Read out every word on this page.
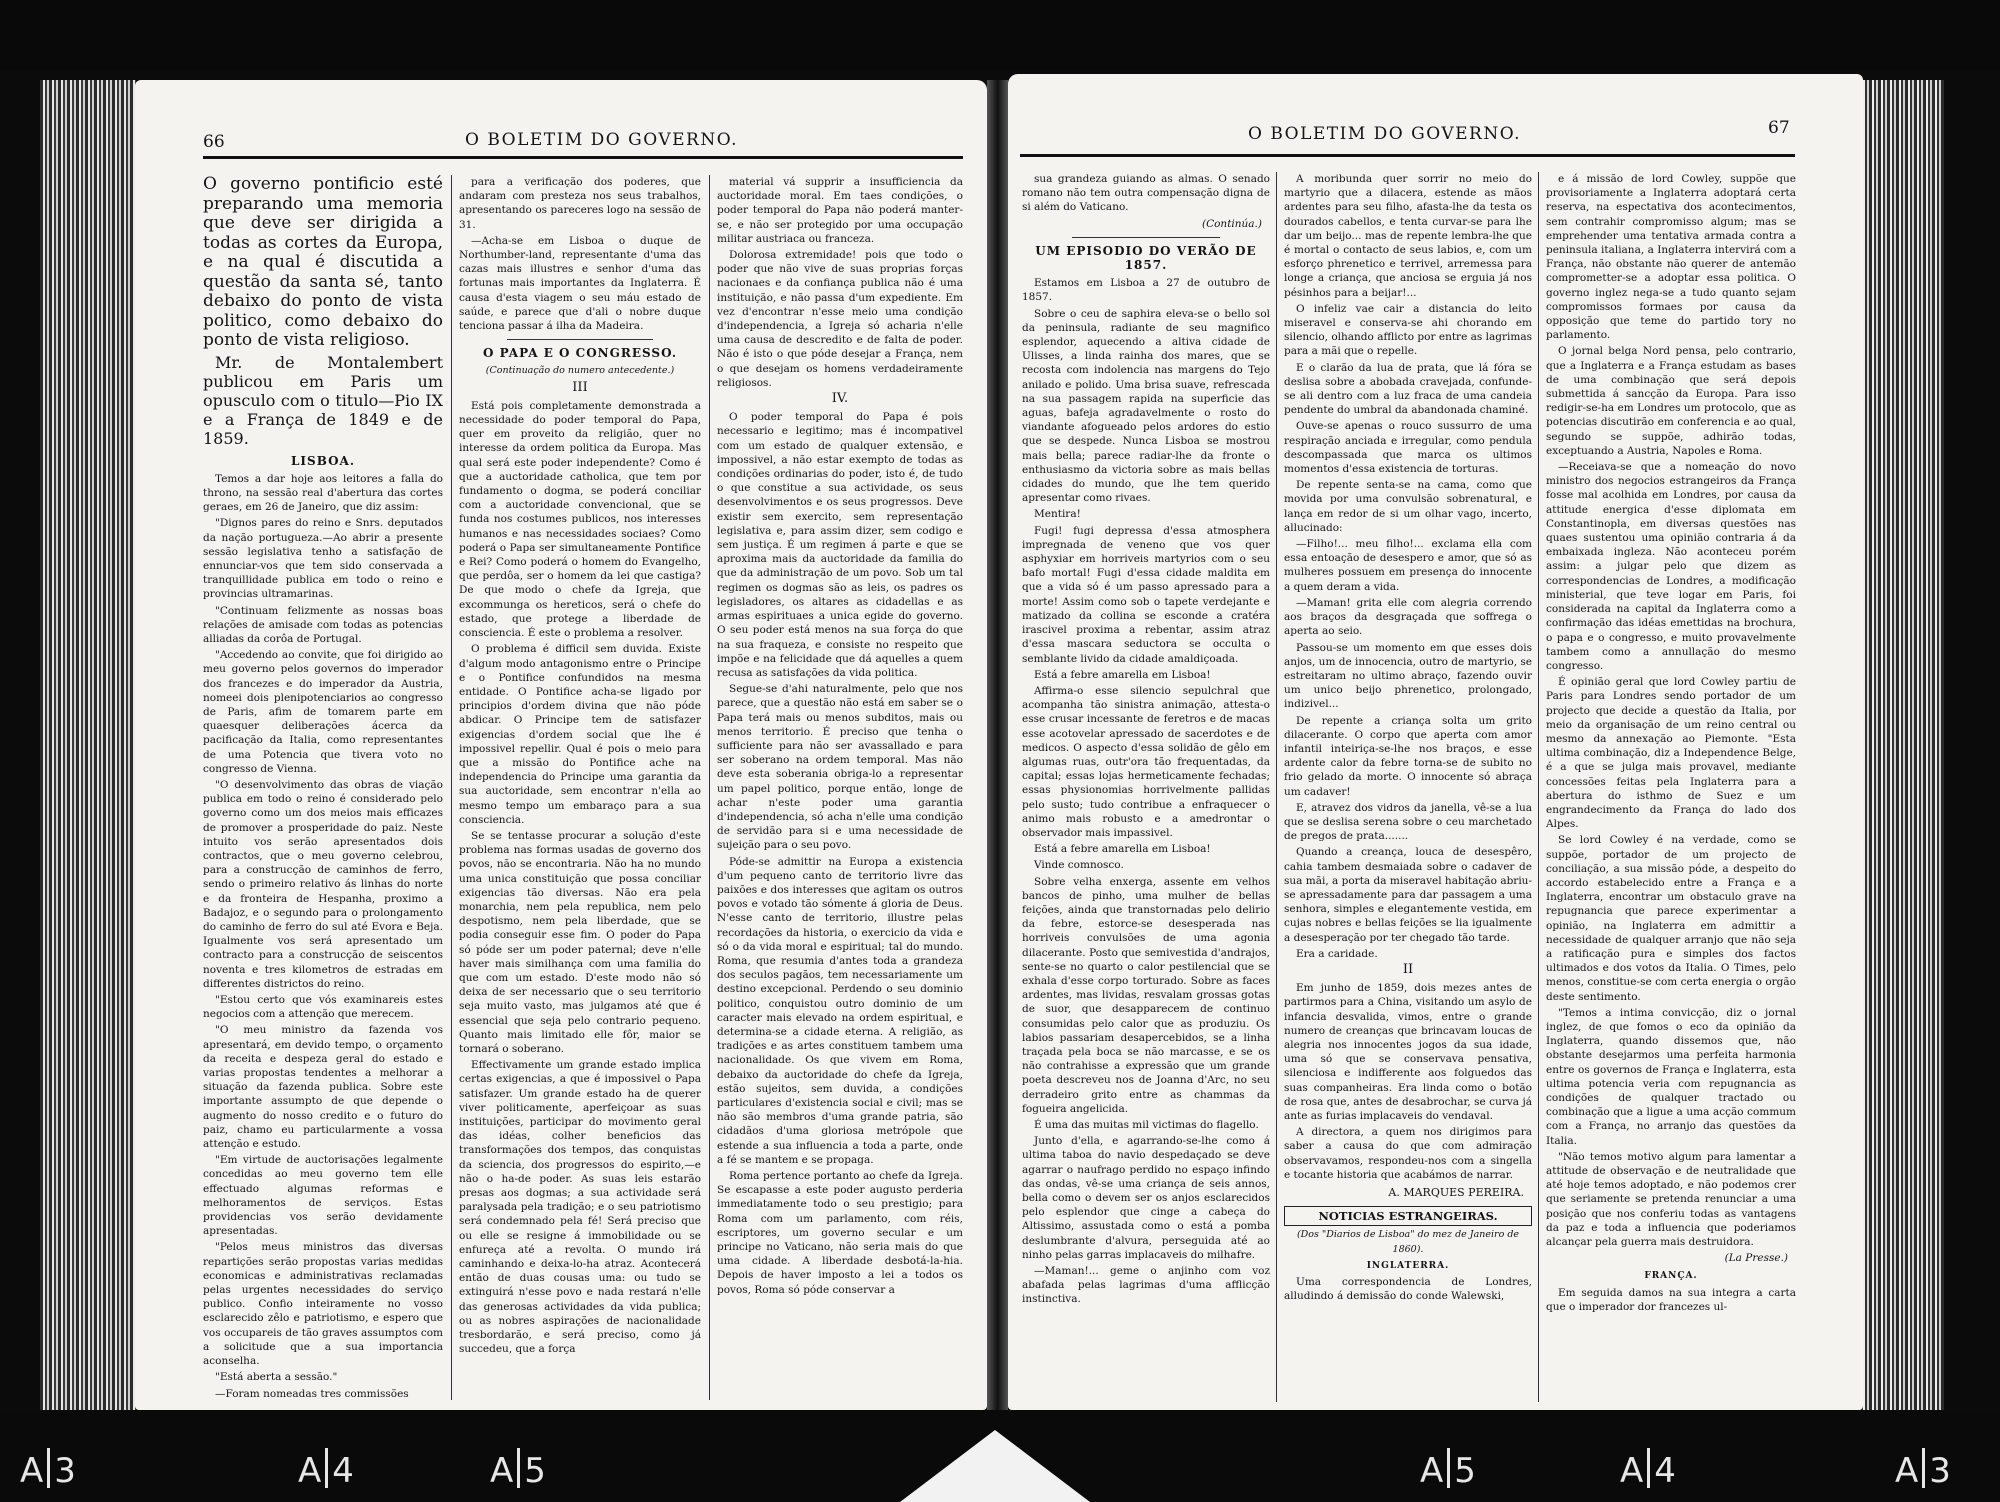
66	O BOLETIM DO GOVERNO.

O governo pontificio esté preparando uma memoria que deve ser dirigida a todas as cortes da Europa, e na qual é discutida a questão da santa sé, tanto debaixo do ponto de vista politico, como debaixo do ponto de vista religioso.

Mr. de Montalembert publicou em Paris um opusculo com o titulo—Pio IX e a França de 1849 e de 1859.

LISBOA.

Temos a dar hoje aos leitores a falla do throno, na sessão real d'abertura das cortes geraes, em 26 de Janeiro, que diz assim:

"Dignos pares do reino e Snrs. deputados da nação portugueza.—Ao abrir a presente sessão legislativa tenho a satisfação de ennunciar-vos que tem sido conservada a tranquillidade publica em todo o reino e provincias ultramarinas.

"Continuam felizmente as nossas boas relações de amisade com todas as potencias alliadas da corôa de Portugal.

"Accedendo ao convite, que foi dirigido ao meu governo pelos governos do imperador dos francezes e do imperador da Austria, nomeei dois plenipotenciarios ao congresso de Paris, afim de tomarem parte em quaesquer deliberações ácerca da pacificação da Italia, como representantes de uma Potencia que tivera voto no congresso de Vienna.

"O desenvolvimento das obras de viação publica em todo o reino é considerado pelo governo como um dos meios mais efficazes de promover a prosperidade do paiz. Neste intuito vos serão apresentados dois contractos, que o meu governo celebrou, para a construcção de caminhos de ferro, sendo o primeiro relativo ás linhas do norte e da fronteira de Hespanha, proximo a Badajoz, e o segundo para o prolongamento do caminho de ferro do sul até Evora e Beja. Igualmente vos será apresentado um contracto para a construcção de seiscentos noventa e tres kilometros de estradas em differentes districtos do reino.

"Estou certo que vós examinareis estes negocios com a attenção que merecem.

"O meu ministro da fazenda vos apresentará, em devido tempo, o orçamento da receita e despeza geral do estado e varias propostas tendentes a melhorar a situação da fazenda publica. Sobre este importante assumpto de que depende o augmento do nosso credito e o futuro do paiz, chamo eu particularmente a vossa attenção e estudo.

"Em virtude de auctorisações legalmente concedidas ao meu governo tem elle effectuado algumas reformas e melhoramentos de serviços. Estas providencias vos serão devidamente apresentadas.

"Pelos meus ministros das diversas repartições serão propostas varias medidas economicas e administrativas reclamadas pelas urgentes necessidades do serviço publico. Confio inteiramente no vosso esclarecido zêlo e patriotismo, e espero que vos occupareis de tão graves assumptos com a solicitude que a sua importancia aconselha.

"Está aberta a sessão."

—Foram nomeadas tres commissões

para a verificação dos poderes, que andaram com presteza nos seus trabalhos, apresentando os pareceres logo na sessão de 31.

—Acha-se em Lisboa o duque de Northumber-land, representante d'uma das cazas mais illustres e senhor d'uma das fortunas mais importantes da Inglaterra. É causa d'esta viagem o seu máu estado de saúde, e parece que d'ali o nobre duque tenciona passar á ilha da Madeira.

O PAPA E O CONGRESSO.
(Continuação do numero antecedente.)
III

Está pois completamente demonstrada a necessidade do poder temporal do Papa, quer em proveito da religião, quer no interesse da ordem politica da Europa. Mas qual será este poder independente? Como é que a auctoridade catholica, que tem por fundamento o dogma, se poderá conciliar com a auctoridade convencional, que se funda nos costumes publicos, nos interesses humanos e nas necessidades sociaes? Como poderá o Papa ser simultaneamente Pontifice e Rei? Como poderá o homem do Evangelho, que perdôa, ser o homem da lei que castiga? De que modo o chefe da Igreja, que excommunga os hereticos, será o chefe do estado, que protege a liberdade de consciencia. É este o problema a resolver.

O problema é difficil sem duvida. Existe d'algum modo antagonismo entre o Principe e o Pontifice confundidos na mesma entidade. O Pontifice acha-se ligado por principios d'ordem divina que não póde abdicar. O Principe tem de satisfazer exigencias d'ordem social que lhe é impossivel repellir. Qual é pois o meio para que a missão do Pontifice ache na independencia do Principe uma garantia da sua auctoridade, sem encontrar n'ella ao mesmo tempo um embaraço para a sua consciencia.

Se se tentasse procurar a solução d'este problema nas formas usadas de governo dos povos, não se encontraria. Não ha no mundo uma unica constituição que possa conciliar exigencias tão diversas. Não era pela monarchia, nem pela republica, nem pelo despotismo, nem pela liberdade, que se podia conseguir esse fim. O poder do Papa só póde ser um poder paternal; deve n'elle haver mais similhança com uma familia do que com um estado. D'este modo não só deixa de ser necessario que o seu territorio seja muito vasto, mas julgamos até que é essencial que seja pelo contrario pequeno. Quanto mais limitado elle fôr, maior se tornará o soberano.

Effectivamente um grande estado implica certas exigencias, a que é impossivel o Papa satisfazer. Um grande estado ha de querer viver politicamente, aperfeiçoar as suas instituições, participar do movimento geral das idéas, colher beneficios das transformações dos tempos, das conquistas da sciencia, dos progressos do espirito,—e não o ha-de poder. As suas leis estarão presas aos dogmas; a sua actividade será paralysada pela tradição; e o seu patriotismo será condemnado pela fé! Será preciso que ou elle se resigne á immobilidade ou se enfureça até a revolta. O mundo irá caminhando e deixa-lo-ha atraz. Acontecerá então de duas cousas uma: ou tudo se extinguirá n'esse povo e nada restará n'elle das generosas actividades da vida publica; ou as nobres aspirações de nacionalidade tresbordarão, e será preciso, como já succedeu, que a força

material vá supprir a insufficiencia da auctoridade moral. Em taes condições, o poder temporal do Papa não poderá manter-se, e não ser protegido por uma occupação militar austriaca ou franceza.

Dolorosa extremidade! pois que todo o poder que não vive de suas proprias forças nacionaes e da confiança publica não é uma instituição, e não passa d'um expediente. Em vez d'encontrar n'esse meio uma condição d'independencia, a Igreja só acharia n'elle uma causa de descredito e de falta de poder. Não é isto o que póde desejar a França, nem o que desejam os homens verdadeiramente religiosos.

IV.

O poder temporal do Papa é pois necessario e legitimo; mas é incompativel com um estado de qualquer extensão, e impossivel, a não estar exempto de todas as condições ordinarias do poder, isto é, de tudo o que constitue a sua actividade, os seus desenvolvimentos e os seus progressos. Deve existir sem exercito, sem representação legislativa e, para assim dizer, sem codigo e sem justiça. É um regimen á parte e que se aproxima mais da auctoridade da familia do que da administração de um povo. Sob um tal regimen os dogmas são as leis, os padres os legisladores, os altares as cidadellas e as armas espirituaes a unica egide do governo. O seu poder está menos na sua força do que na sua fraqueza, e consiste no respeito que impõe e na felicidade que dá aquelles a quem recusa as satisfações da vida politica.

Segue-se d'ahi naturalmente, pelo que nos parece, que a questão não está em saber se o Papa terá mais ou menos subditos, mais ou menos territorio. É preciso que tenha o sufficiente para não ser avassallado e para ser soberano na ordem temporal. Mas não deve esta soberania obriga-lo a representar um papel politico, porque então, longe de achar n'este poder uma garantia d'independencia, só acha n'elle uma condição de servidão para si e uma necessidade de sujeição para o seu povo.

Póde-se admittir na Europa a existencia d'um pequeno canto de territorio livre das paixões e dos interesses que agitam os outros povos e votado tão sómente á gloria de Deus. N'esse canto de territorio, illustre pelas recordações da historia, o exercicio da vida e só o da vida moral e espiritual; tal do mundo. Roma, que resumia d'antes toda a grandeza dos seculos pagãos, tem necessariamente um destino excepcional. Perdendo o seu dominio politico, conquistou outro dominio de um caracter mais elevado na ordem espiritual, e determina-se a cidade eterna. A religião, as tradições e as artes constituem tambem uma nacionalidade. Os que vivem em Roma, debaixo da auctoridade do chefe da Igreja, estão sujeitos, sem duvida, a condições particulares d'existencia social e civil; mas se não são membros d'uma grande patria, são cidadãos d'uma gloriosa metrópole que estende a sua influencia a toda a parte, onde a fé se mantem e se propaga.

Roma pertence portanto ao chefe da Igreja. Se escapasse a este poder augusto perderia immediatamente todo o seu prestigio; para Roma com um parlamento, com réis, escriptores, um governo secular e um principe no Vaticano, não seria mais do que uma cidade. A liberdade desbotá-la-hia. Depois de haver imposto a lei a todos os povos, Roma só póde conservar a

O BOLETIM DO GOVERNO.	67

sua grandeza guiando as almas. O senado romano não tem outra compensação digna de si além do Vaticano.

(Continúa.)
UM EPISODIO DO VERÃO DE 1857.

Estamos em Lisboa a 27 de outubro de 1857.

Sobre o ceu de saphira eleva-se o bello sol da peninsula, radiante de seu magnifico esplendor, aquecendo a altiva cidade de Ulisses, a linda rainha dos mares, que se recosta com indolencia nas margens do Tejo anilado e polido. Uma brisa suave, refrescada na sua passagem rapida na superficie das aguas, bafeja agradavelmente o rosto do viandante afogueado pelos ardores do estio que se despede. Nunca Lisboa se mostrou mais bella; parece radiar-lhe da fronte o enthusiasmo da victoria sobre as mais bellas cidades do mundo, que lhe tem querido apresentar como rivaes.

Mentira!

Fugi! fugi depressa d'essa atmosphera impregnada de veneno que vos quer asphyxiar em horriveis martyrios com o seu bafo mortal! Fugi d'essa cidade maldita em que a vida só é um passo apressado para a morte! Assim como sob o tapete verdejante e matizado da collina se esconde a cratéra irascivel proxima a rebentar, assim atraz d'essa mascara seductora se occulta o semblante livido da cidade amaldiçoada.

Está a febre amarella em Lisboa!

Affirma-o esse silencio sepulchral que acompanha tão sinistra animação, attesta-o esse crusar incessante de feretros e de macas esse acotovelar apressado de sacerdotes e de medicos. O aspecto d'essa solidão de gêlo em algumas ruas, outr'ora tão frequentadas, da capital; essas lojas hermeticamente fechadas; essas physionomias horrivelmente pallidas pelo susto; tudo contribue a enfraquecer o animo mais robusto e a amedrontar o observador mais impassivel.

Está a febre amarella em Lisboa!

Vinde comnosco.

Sobre velha enxerga, assente em velhos bancos de pinho, uma mulher de bellas feições, ainda que transtornadas pelo delirio da febre, estorce-se desesperada nas horriveis convulsões de uma agonia dilacerante. Posto que semivestida d'andrajos, sente-se no quarto o calor pestilencial que se exhala d'esse corpo torturado. Sobre as faces ardentes, mas lividas, resvalam grossas gotas de suor, que desapparecem de continuo consumidas pelo calor que as produziu. Os labios passariam desapercebidos, se a linha traçada pela boca se não marcasse, e se os não contrahisse a expressão que um grande poeta descreveu nos de Joanna d'Arc, no seu derradeiro grito entre as chammas da fogueira angelicida.

É uma das muitas mil victimas do flagello.

Junto d'ella, e agarrando-se-lhe como á ultima taboa do navio despedaçado se deve agarrar o naufrago perdido no espaço infindo das ondas, vê-se uma criança de seis annos, bella como o devem ser os anjos esclarecidos pelo esplendor que cinge a cabeça do Altissimo, assustada como o está a pomba deslumbrante d'alvura, perseguida até ao ninho pelas garras implacaveis do milhafre.

—Maman!... geme o anjinho com voz abafada pelas lagrimas d'uma afflicção instinctiva.

A moribunda quer sorrir no meio do martyrio que a dilacera, estende as mãos ardentes para seu filho, afasta-lhe da testa os dourados cabellos, e tenta curvar-se para lhe dar um beijo... mas de repente lembra-lhe que é mortal o contacto de seus labios, e, com um esforço phrenetico e terrivel, arremessa para longe a criança, que anciosa se erguia já nos pésinhos para a beijar!...

O infeliz vae cair a distancia do leito miseravel e conserva-se ahi chorando em silencio, olhando afflicto por entre as lagrimas para a mãi que o repelle.

E o clarão da lua de prata, que lá fóra se deslisa sobre a abobada cravejada, confunde-se ali dentro com a luz fraca de uma candeia pendente do umbral da abandonada chaminé.

Ouve-se apenas o rouco sussurro de uma respiração anciada e irregular, como pendula descompassada que marca os ultimos momentos d'essa existencia de torturas.

De repente senta-se na cama, como que movida por uma convulsão sobrenatural, e lança em redor de si um olhar vago, incerto, allucinado:

—Filho!... meu filho!... exclama ella com essa entoação de desespero e amor, que só as mulheres possuem em presença do innocente a quem deram a vida.

—Maman! grita elle com alegria correndo aos braços da desgraçada que soffrega o aperta ao seio.

Passou-se um momento em que esses dois anjos, um de innocencia, outro de martyrio, se estreitaram no ultimo abraço, fazendo ouvir um unico beijo phrenetico, prolongado, indizivel...

De repente a criança solta um grito dilacerante. O corpo que aperta com amor infantil inteiriça-se-lhe nos braços, e esse ardente calor da febre torna-se de subito no frio gelado da morte. O innocente só abraça um cadaver!

E, atravez dos vidros da janella, vê-se a lua que se deslisa serena sobre o ceu marchetado de pregos de prata.......

Quando a creança, louca de desespêro, cahia tambem desmaiada sobre o cadaver de sua mãi, a porta da miseravel habitação abriu-se apressadamente para dar passagem a uma senhora, simples e elegantemente vestida, em cujas nobres e bellas feições se lia igualmente a desesperação por ter chegado tão tarde.

Era a caridade.

II

Em junho de 1859, dois mezes antes de partirmos para a China, visitando um asylo de infancia desvalida, vimos, entre o grande numero de creanças que brincavam loucas de alegria nos innocentes jogos da sua idade, uma só que se conservava pensativa, silenciosa e indifferente aos folguedos das suas companheiras. Era linda como o botão de rosa que, antes de desabrochar, se curva já ante as furias implacaveis do vendaval.

A directora, a quem nos dirigimos para saber a causa do que com admiração observavamos, respondeu-nos com a singella e tocante historia que acabámos de narrar.

A. MARQUES PEREIRA.
NOTICIAS ESTRANGEIRAS.
(Dos "Diarios de Lisboa" do mez de Janeiro de 1860).
INGLATERRA.

Uma correspondencia de Londres, alludindo á demissão do conde Walewski,

e á missão de lord Cowley, suppõe que provisoriamente a Inglaterra adoptará certa reserva, na espectativa dos acontecimentos, sem contrahir compromisso algum; mas se emprehender uma tentativa armada contra a peninsula italiana, a Inglaterra intervirá com a França, não obstante não querer de antemão comprometter-se a adoptar essa politica. O governo inglez nega-se a tudo quanto sejam compromissos formaes por causa da opposição que teme do partido tory no parlamento.

O jornal belga Nord pensa, pelo contrario, que a Inglaterra e a França estudam as bases de uma combinação que será depois submettida á sancção da Europa. Para isso redigir-se-ha em Londres um protocolo, que as potencias discutirão em conferencia e ao qual, segundo se suppõe, adhirão todas, exceptuando a Austria, Napoles e Roma.

—Receiava-se que a nomeação do novo ministro dos negocios estrangeiros da França fosse mal acolhida em Londres, por causa da attitude energica d'esse diplomata em Constantinopla, em diversas questões nas quaes sustentou uma opinião contraria á da embaixada ingleza. Não aconteceu porém assim: a julgar pelo que dizem as correspondencias de Londres, a modificação ministerial, que teve logar em Paris, foi considerada na capital da Inglaterra como a confirmação das idéas emettidas na brochura, o papa e o congresso, e muito provavelmente tambem como a annullação do mesmo congresso.

É opinião geral que lord Cowley partiu de Paris para Londres sendo portador de um projecto que decide a questão da Italia, por meio da organisação de um reino central ou mesmo da annexação ao Piemonte. "Esta ultima combinação, diz a Independence Belge, é a que se julga mais provavel, mediante concessões feitas pela Inglaterra para a abertura do isthmo de Suez e um engrandecimento da França do lado dos Alpes.

Se lord Cowley é na verdade, como se suppõe, portador de um projecto de conciliação, a sua missão póde, a despeito do accordo estabelecido entre a França e a Inglaterra, encontrar um obstaculo grave na repugnancia que parece experimentar a opinião, na Inglaterra em admittir a necessidade de qualquer arranjo que não seja a ratificação pura e simples dos factos ultimados e dos votos da Italia. O Times, pelo menos, constitue-se com certa energia o orgão deste sentimento.

"Temos a intima convicção, diz o jornal inglez, de que fomos o eco da opinião da Inglaterra, quando dissemos que, não obstante desejarmos uma perfeita harmonia entre os governos de França e Inglaterra, esta ultima potencia veria com repugnancia as condições de qualquer tractado ou combinação que a ligue a uma acção commum com a França, no arranjo das questões da Italia.

"Não temos motivo algum para lamentar a attitude de observação e de neutralidade que até hoje temos adoptado, e não podemos crer que seriamente se pretenda renunciar a uma posição que nos conferiu todas as vantagens da paz e toda a influencia que poderiamos alcançar pela guerra mais destruidora.

(La Presse.)
FRANÇA.

Em seguida damos na sua integra a carta que o imperador dor francezes ul-

A 3	A 4	A 5	A 5	A 4	A 3
